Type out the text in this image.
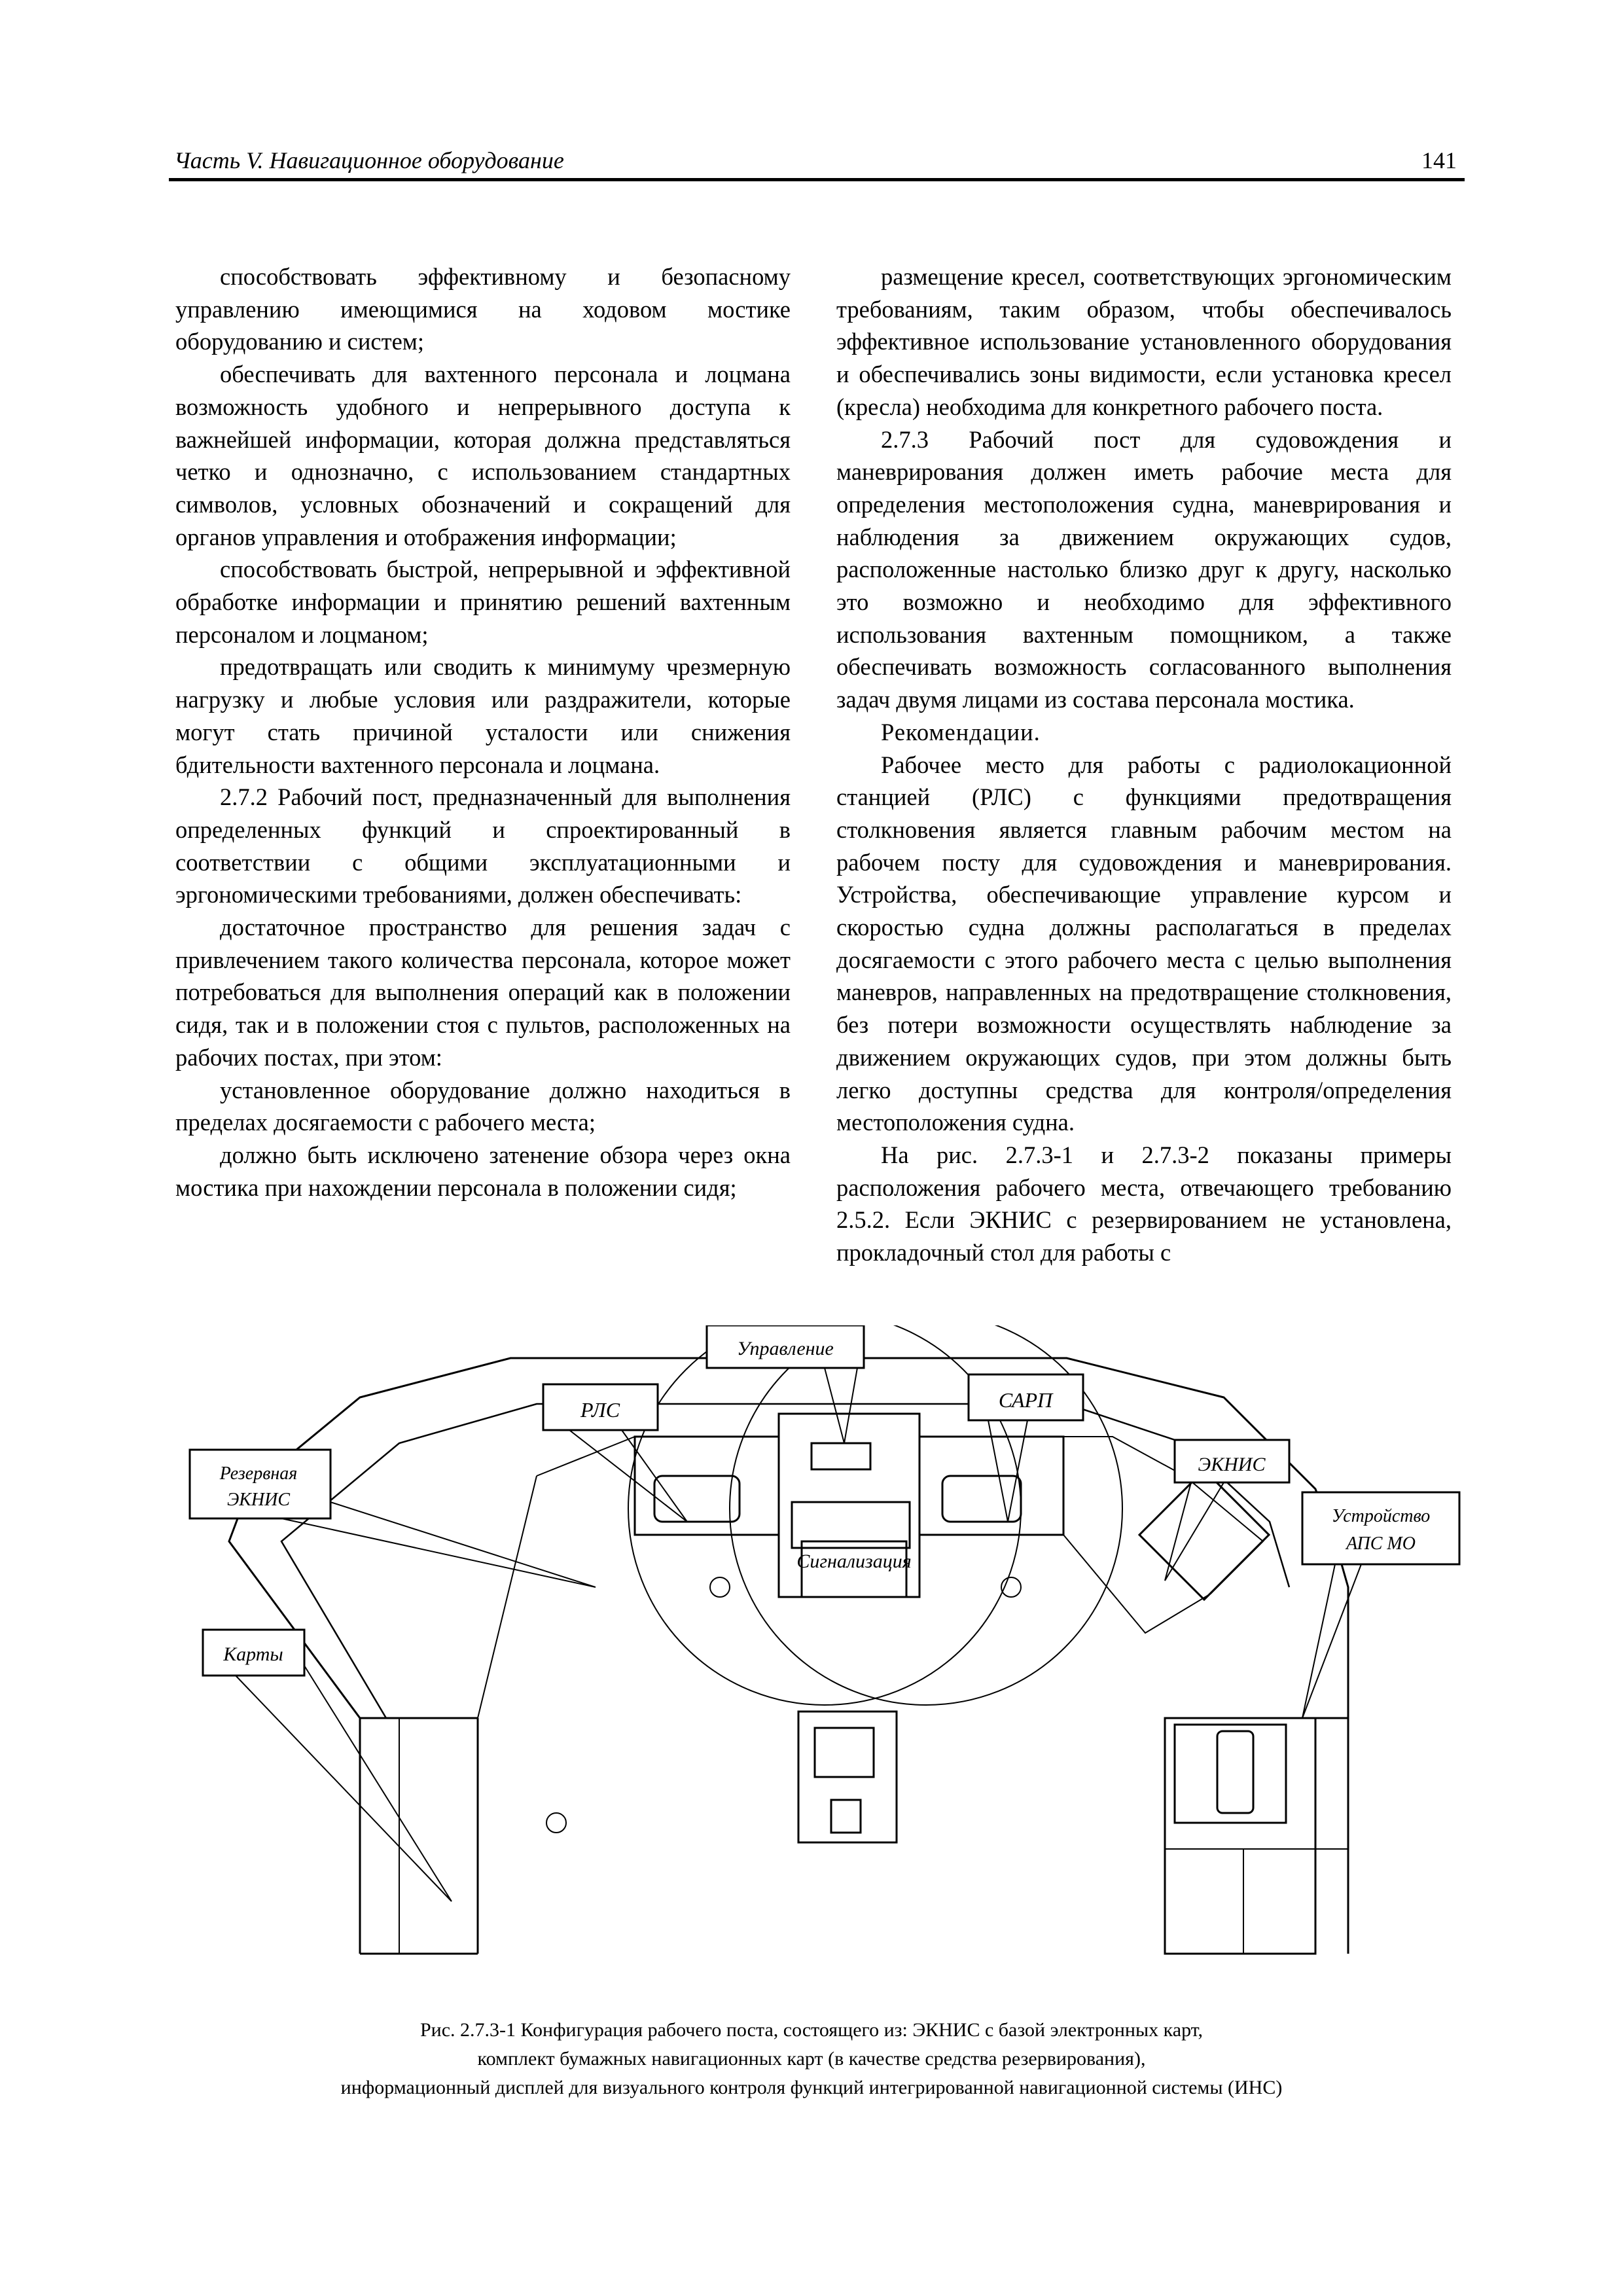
Часть V. Навигационное оборудование	141

способствовать эффективному и безопасному управлению имеющимися на ходовом мостике оборудованию и систем;

обеспечивать для вахтенного персонала и лоцмана возможность удобного и непрерывного доступа к важнейшей информации, которая должна представляться четко и однозначно, с использованием стандартных символов, условных обозначений и сокращений для органов управления и отображения информации;

способствовать быстрой, непрерывной и эффективной обработке информации и принятию решений вахтенным персоналом и лоцманом;

предотвращать или сводить к минимуму чрезмерную нагрузку и любые условия или раздражители, которые могут стать причиной усталости или снижения бдительности вахтенного персонала и лоцмана.

2.7.2 Рабочий пост, предназначенный для выполнения определенных функций и спроектированный в соответствии с общими эксплуатационными и эргономическими требованиями, должен обеспечивать:

достаточное пространство для решения задач с привлечением такого количества персонала, которое может потребоваться для выполнения операций как в положении сидя, так и в положении стоя с пультов, расположенных на рабочих постах, при этом:

установленное оборудование должно находиться в пределах досягаемости с рабочего места;

должно быть исключено затенение обзора через окна мостика при нахождении персонала в положении сидя;

размещение кресел, соответствующих эргономическим требованиям, таким образом, чтобы обеспечивалось эффективное использование установленного оборудования и обеспечивались зоны видимости, если установка кресел (кресла) необходима для конкретного рабочего поста.

2.7.3 Рабочий пост для судовождения и маневрирования должен иметь рабочие места для определения местоположения судна, маневрирования и наблюдения за движением окружающих судов, расположенные настолько близко друг к другу, насколько это возможно и необходимо для эффективного использования вахтенным помощником, а также обеспечивать возможность согласованного выполнения задач двумя лицами из состава персонала мостика.

Рекомендации.

Рабочее место для работы с радиолокационной станцией (РЛС) с функциями предотвращения столкновения является главным рабочим местом на рабочем посту для судовождения и маневрирования. Устройства, обеспечивающие управление курсом и скоростью судна должны располагаться в пределах досягаемости с этого рабочего места с целью выполнения маневров, направленных на предотвращение столкновения, без потери возможности осуществлять наблюдение за движением окружающих судов, при этом должны быть легко доступны средства для контроля/определения местоположения судна.

На рис. 2.7.3-1 и 2.7.3-2 показаны примеры расположения рабочего места, отвечающего требованию 2.5.2. Если ЭКНИС с резервированием не установлена, прокладочный стол для работы с

Управление
РЛС	САРП
Резервная
ЭКНИС
ЭКНИС
Устройство
АПС МО
Карты
Сигнализация
Рис. 2.7.3-1 Конфигурация рабочего поста, состоящего из: ЭКНИС с базой электронных карт,
комплект бумажных навигационных карт (в качестве средства резервирования),
информационный дисплей для визуального контроля функций интегрированной навигационной системы (ИНС)
